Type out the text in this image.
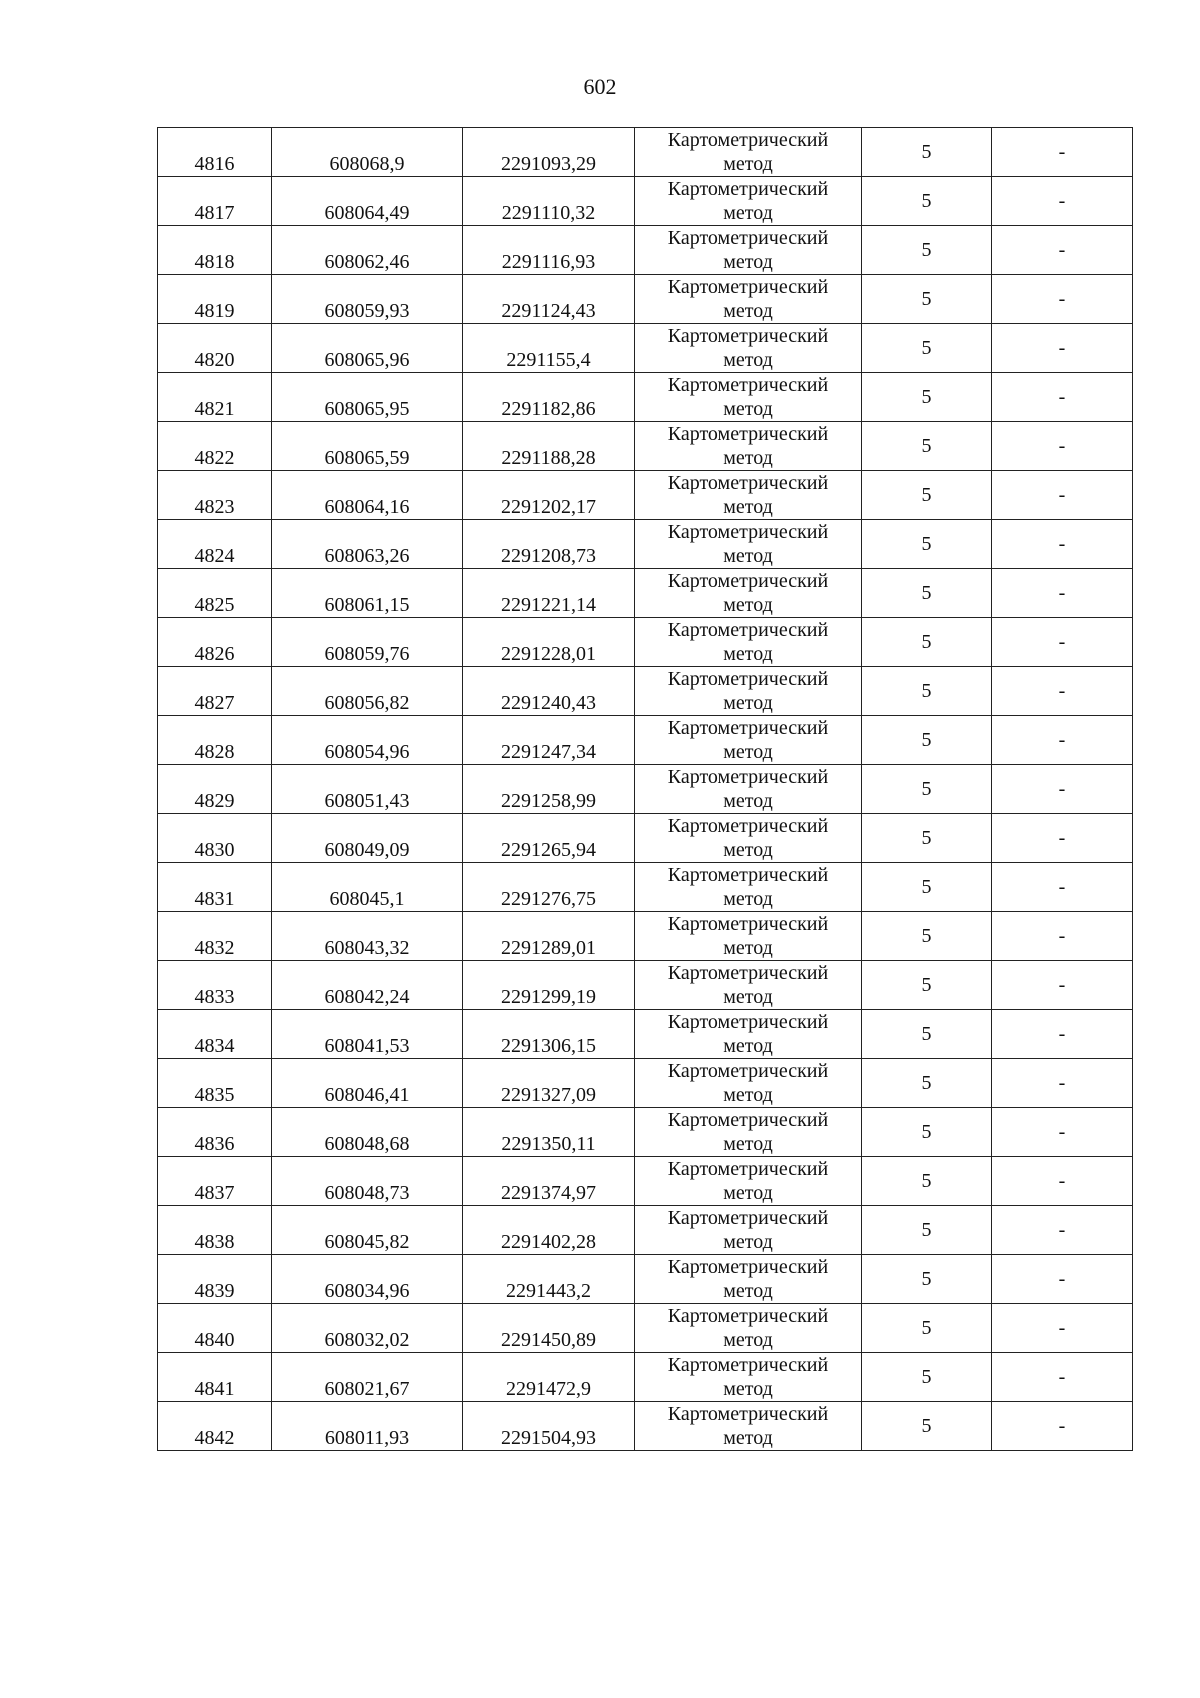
602
4816	608068,9	2291093,29	Картометрический
метод	5	-
4817	608064,49	2291110,32	Картометрический
метод	5	-
4818	608062,46	2291116,93	Картометрический
метод	5	-
4819	608059,93	2291124,43	Картометрический
метод	5	-
4820	608065,96	2291155,4	Картометрический
метод	5	-
4821	608065,95	2291182,86	Картометрический
метод	5	-
4822	608065,59	2291188,28	Картометрический
метод	5	-
4823	608064,16	2291202,17	Картометрический
метод	5	-
4824	608063,26	2291208,73	Картометрический
метод	5	-
4825	608061,15	2291221,14	Картометрический
метод	5	-
4826	608059,76	2291228,01	Картометрический
метод	5	-
4827	608056,82	2291240,43	Картометрический
метод	5	-
4828	608054,96	2291247,34	Картометрический
метод	5	-
4829	608051,43	2291258,99	Картометрический
метод	5	-
4830	608049,09	2291265,94	Картометрический
метод	5	-
4831	608045,1	2291276,75	Картометрический
метод	5	-
4832	608043,32	2291289,01	Картометрический
метод	5	-
4833	608042,24	2291299,19	Картометрический
метод	5	-
4834	608041,53	2291306,15	Картометрический
метод	5	-
4835	608046,41	2291327,09	Картометрический
метод	5	-
4836	608048,68	2291350,11	Картометрический
метод	5	-
4837	608048,73	2291374,97	Картометрический
метод	5	-
4838	608045,82	2291402,28	Картометрический
метод	5	-
4839	608034,96	2291443,2	Картометрический
метод	5	-
4840	608032,02	2291450,89	Картометрический
метод	5	-
4841	608021,67	2291472,9	Картометрический
метод	5	-
4842	608011,93	2291504,93	Картометрический
метод	5	-
